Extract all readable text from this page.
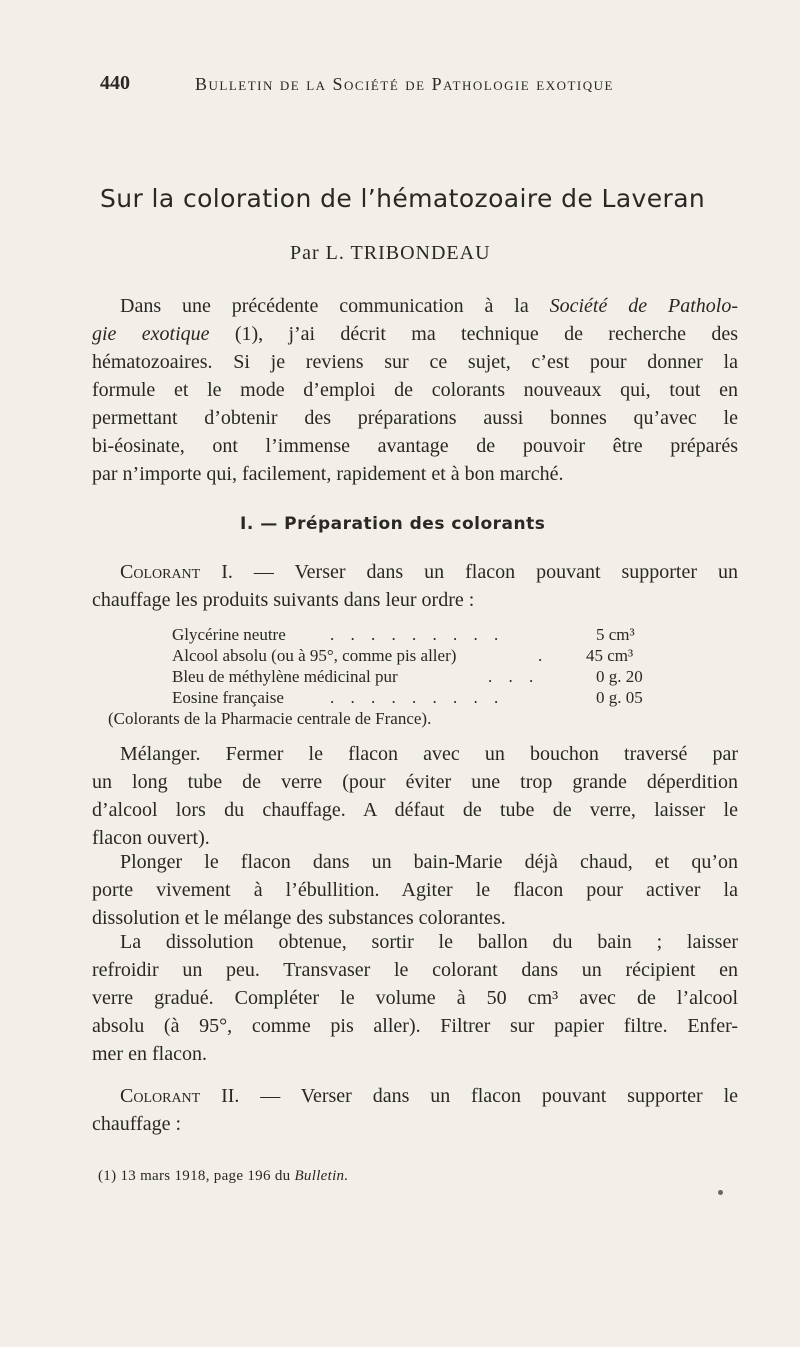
440	Bulletin de la Société de Pathologie exotique
Sur la coloration de l’hématozoaire de Laveran
Par L. TRIBONDEAU
Dans une précédente communication à la Société de Patholo-
gie exotique (1), j’ai décrit ma technique de recherche des
hématozoaires. Si je reviens sur ce sujet, c’est pour donner la
formule et le mode d’emploi de colorants nouveaux qui, tout en
permettant d’obtenir des préparations aussi bonnes qu’avec le
bi-éosinate, ont l’immense avantage de pouvoir être préparés
par n’importe qui, facilement, rapidement et à bon marché.
I. — Préparation des colorants
Colorant I. — Verser dans un flacon pouvant supporter un
chauffage les produits suivants dans leur ordre :
Glycérine neutre	. . . . . . . . .	5 cm³
Alcool absolu (ou à 95°, comme pis aller)	. 45 cm³
Bleu de méthylène médicinal pur	. . .	0 g. 20
Eosine française	. . . . . . . . .	0 g. 05
(Colorants de la Pharmacie centrale de France).
Mélanger. Fermer le flacon avec un bouchon traversé par
un long tube de verre (pour éviter une trop grande déperdition
d’alcool lors du chauffage. A défaut de tube de verre, laisser le
flacon ouvert).
Plonger le flacon dans un bain-Marie déjà chaud, et qu’on
porte vivement à l’ébullition. Agiter le flacon pour activer la
dissolution et le mélange des substances colorantes.
La dissolution obtenue, sortir le ballon du bain ; laisser
refroidir un peu. Transvaser le colorant dans un récipient en
verre gradué. Compléter le volume à 50 cm³ avec de l’alcool
absolu (à 95°, comme pis aller). Filtrer sur papier filtre. Enfer-
mer en flacon.
Colorant II. — Verser dans un flacon pouvant supporter le
chauffage :
(1) 13 mars 1918, page 196 du Bulletin.
